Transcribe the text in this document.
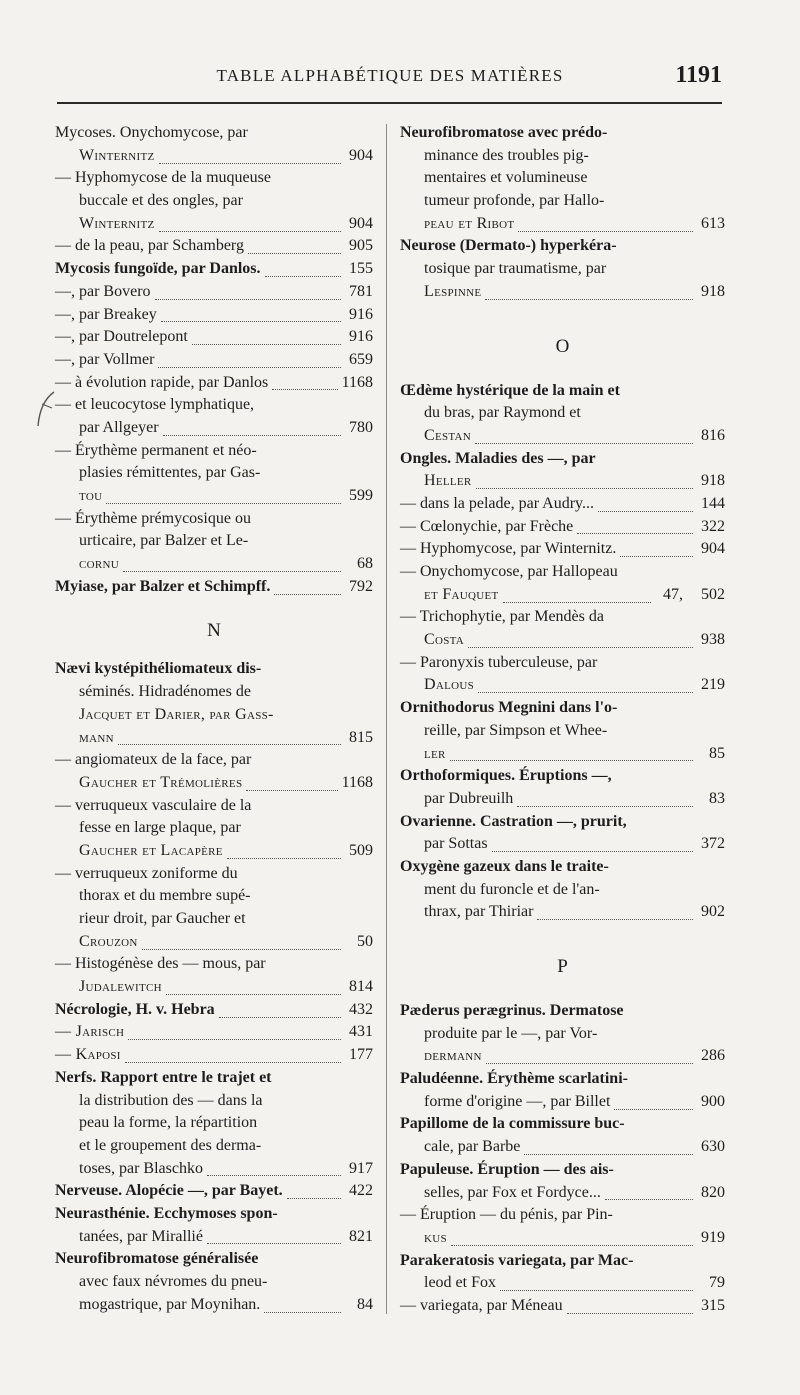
TABLE ALPHABÉTIQUE DES MATIÈRES	1191
Mycoses. Onychomycose, par
Winternitz	904
— Hyphomycose de la muqueuse
buccale et des ongles, par
Winternitz	904
— de la peau, par Schamberg	905
Mycosis fungoïde, par Danlos.	155
—, par Bovero	781
—, par Breakey	916
—, par Doutrelepont	916
—, par Vollmer	659
— à évolution rapide, par Danlos	1168
— et leucocytose lymphatique,
par Allgeyer	780
— Érythème permanent et néo-
plasies rémittentes, par Gas-
tou	599
— Érythème prémycosique ou
urticaire, par Balzer et Le-
cornu	68
Myiase, par Balzer et Schimpff.	792
N
Nævi kystépithéliomateux dis-
séminés. Hidradénomes de
Jacquet et Darier, par Gass-
mann	815
— angiomateux de la face, par
Gaucher et Trémolières	1168
— verruqueux vasculaire de la
fesse en large plaque, par
Gaucher et Lacapère	509
— verruqueux zoniforme du
thorax et du membre supé-
rieur droit, par Gaucher et
Crouzon	50
— Histogénèse des — mous, par
Judalewitch	814
Nécrologie, H. v. Hebra	432
— Jarisch	431
— Kaposi	177
Nerfs. Rapport entre le trajet et
la distribution des — dans la
peau la forme, la répartition
et le groupement des derma-
toses, par Blaschko	917
Nerveuse. Alopécie —, par Bayet.	422
Neurasthénie. Ecchymoses spon-
tanées, par Mirallié	821
Neurofibromatose généralisée
avec faux névromes du pneu-
mogastrique, par Moynihan.	84
Neurofibromatose avec prédo-
minance des troubles pig-
mentaires et volumineuse
tumeur profonde, par Hallo-
peau et Ribot	613
Neurose (Dermato-) hyperkéra-
tosique par traumatisme, par
Lespinne	918
O
Œdème hystérique de la main et
du bras, par Raymond et
Cestan	816
Ongles. Maladies des —, par
Heller	918
— dans la pelade, par Audry...	144
— Cœlonychie, par Frèche	322
— Hyphomycose, par Winternitz.	904
— Onychomycose, par Hallopeau
et Fauquet	47, 502
— Trichophytie, par Mendès da
Costa	938
— Paronyxis tuberculeuse, par
Dalous	219
Ornithodorus Megnini dans l'o-
reille, par Simpson et Whee-
ler	85
Orthoformiques. Éruptions —,
par Dubreuilh	83
Ovarienne. Castration —, prurit,
par Sottas	372
Oxygène gazeux dans le traite-
ment du furoncle et de l'an-
thrax, par Thiriar	902
P
Pæderus perægrinus. Dermatose
produite par le —, par Vor-
dermann	286
Paludéenne. Érythème scarlatini-
forme d'origine —, par Billet	900
Papillome de la commissure buc-
cale, par Barbe	630
Papuleuse. Éruption — des ais-
selles, par Fox et Fordyce...	820
— Éruption — du pénis, par Pin-
kus	919
Parakeratosis variegata, par Mac-
leod et Fox	79
— variegata, par Méneau	315
